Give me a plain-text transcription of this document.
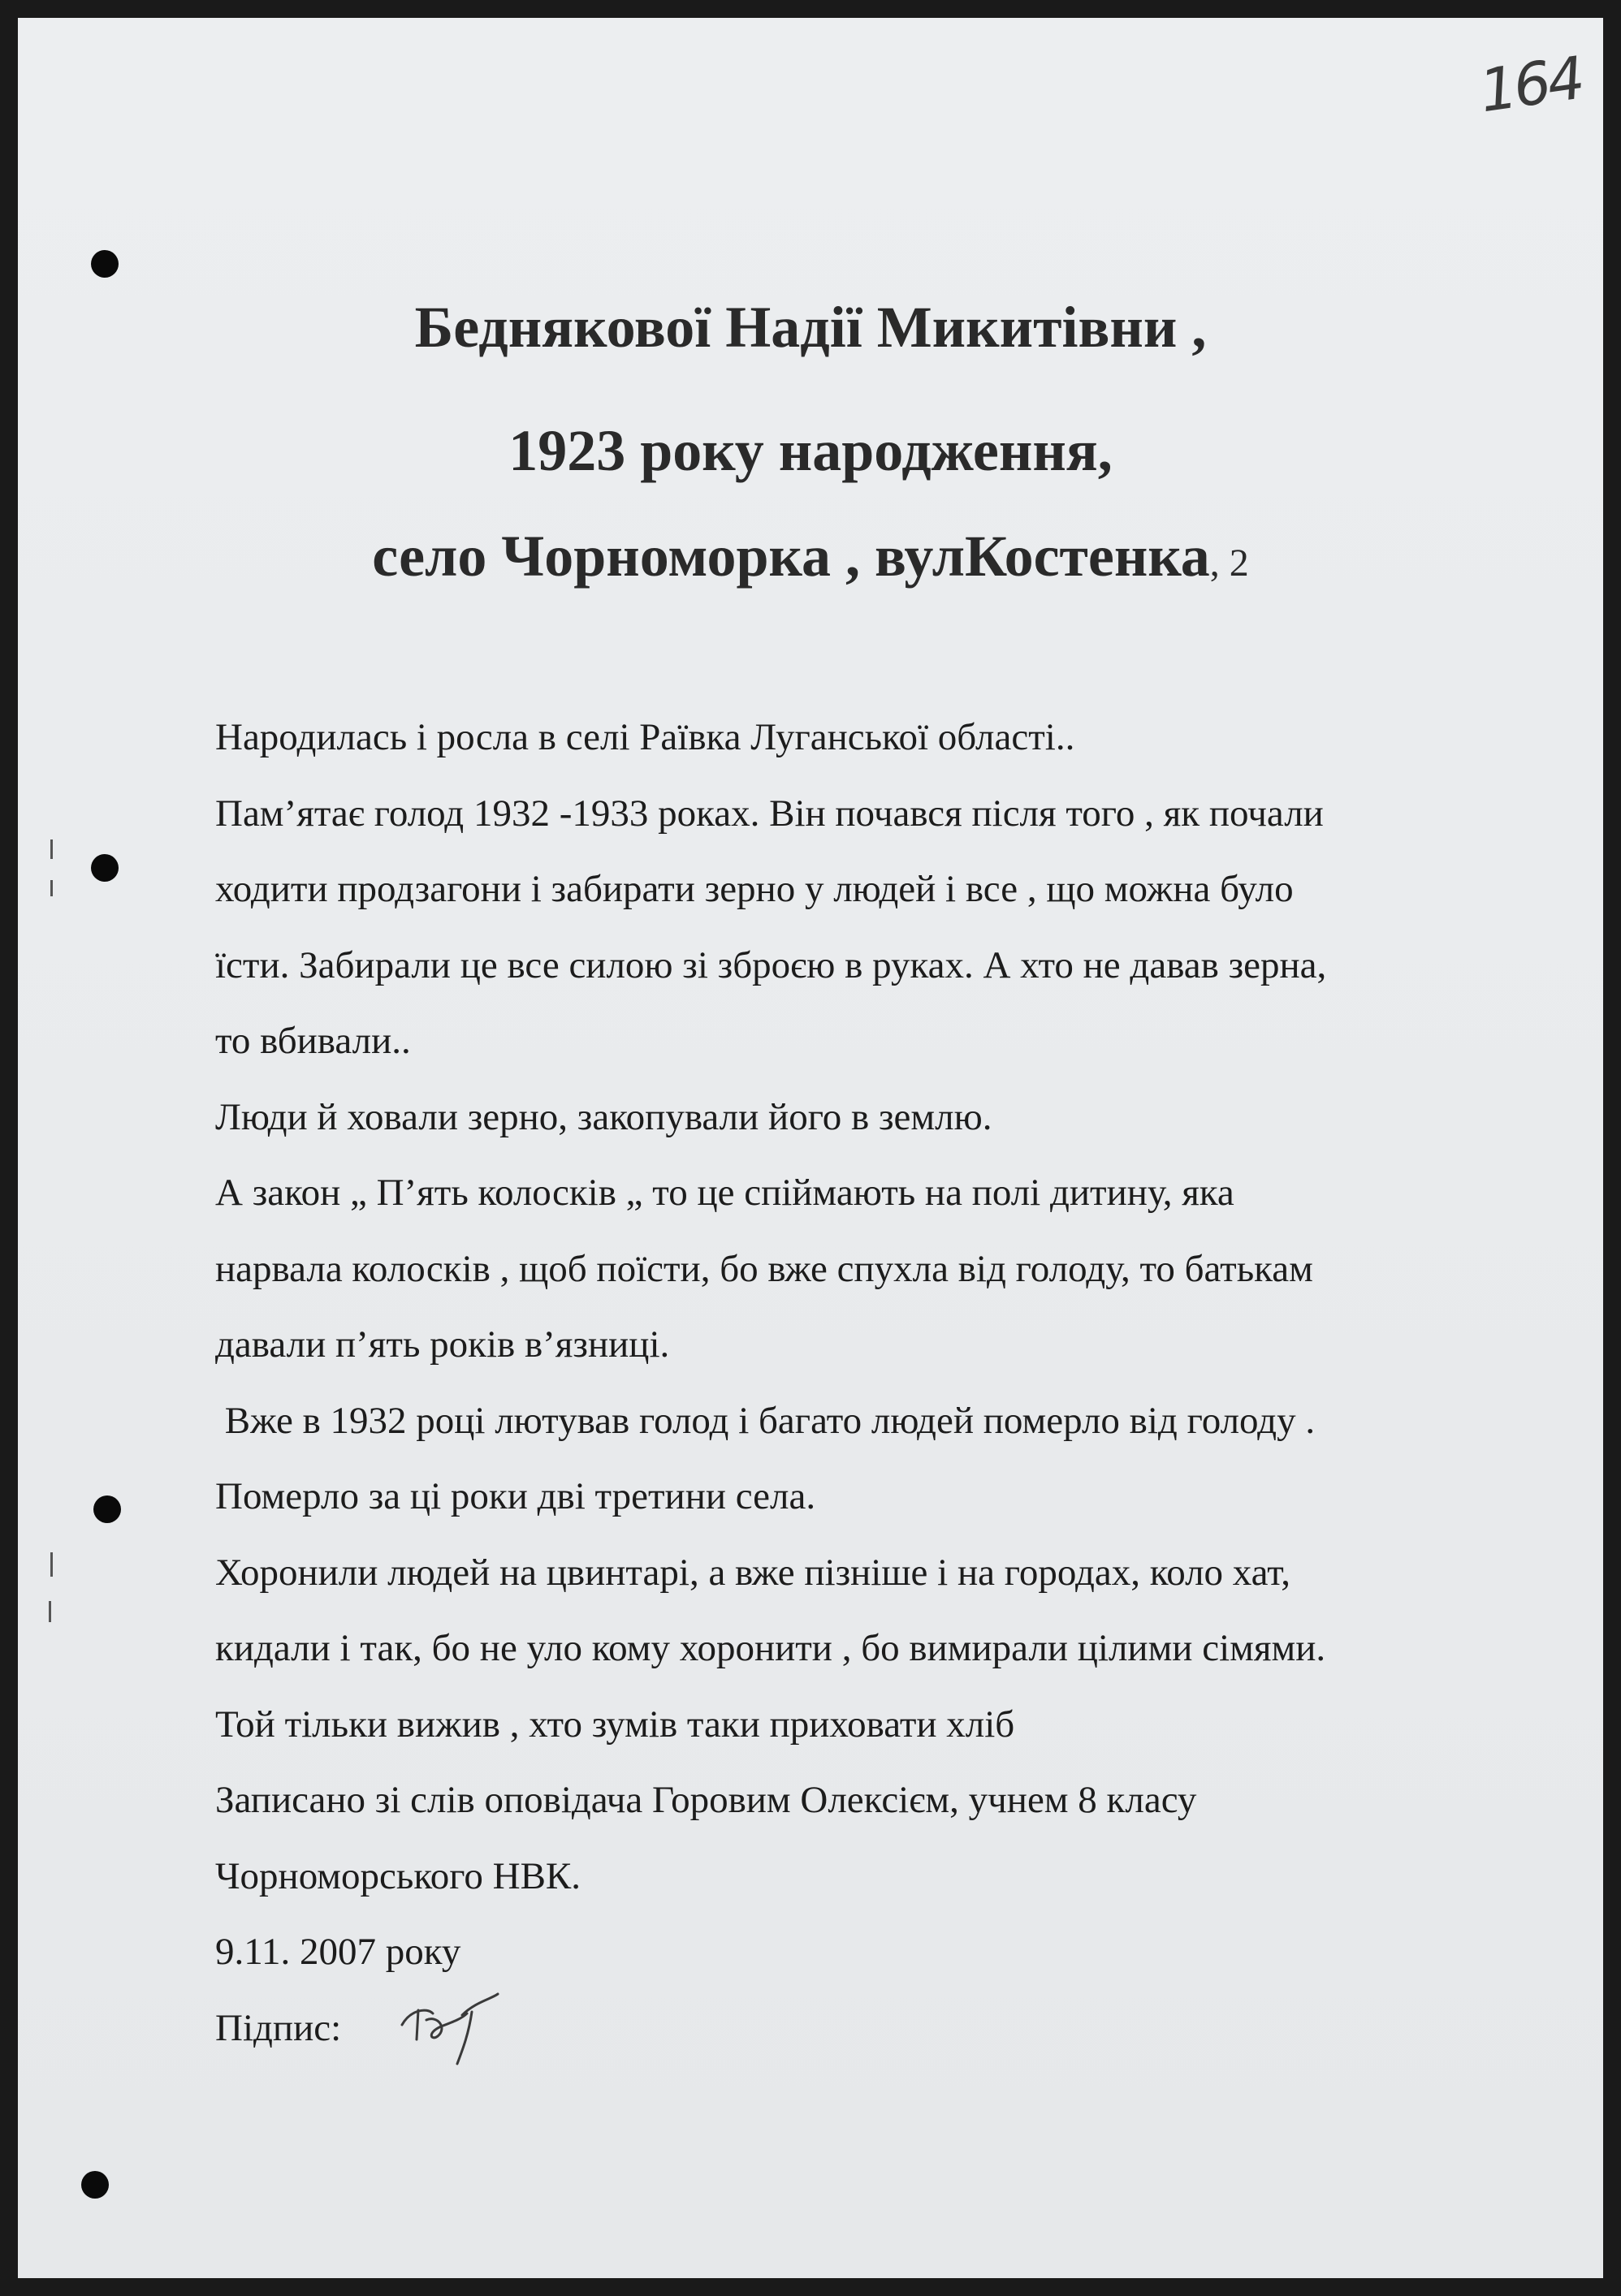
164
Беднякової Надії Микитівни ,
1923 року народження,
село Чорноморка , вулКостенка, 2
Народилась і росла в селі Раївка Луганської області..
Пам’ятає голод 1932 -1933 роках. Він почався після того , як почали
ходити продзагони і забирати зерно у людей і все , що можна було
їсти. Забирали це все силою зі зброєю в руках. А хто не давав зерна,
то вбивали..
Люди й ховали зерно, закопували його в землю.
А закон „ П’ять колосків „ то це спіймають на полі дитину, яка
нарвала колосків , щоб поїсти, бо вже спухла від голоду, то батькам
давали п’ять років в’язниці.
Вже в 1932 році лютував голод і багато людей померло від голоду .
Померло за ці роки дві третини села.
Хоронили людей на цвинтарі, а вже пізніше і на городах, коло хат,
кидали і так, бо не уло кому хоронити , бо вимирали цілими сімями.
Той тільки вижив , хто зумів таки приховати хліб
Записано зі слів оповідача Горовим Олексієм, учнем 8 класу
Чорноморського НВК.
9.11. 2007 року
Підпис:
